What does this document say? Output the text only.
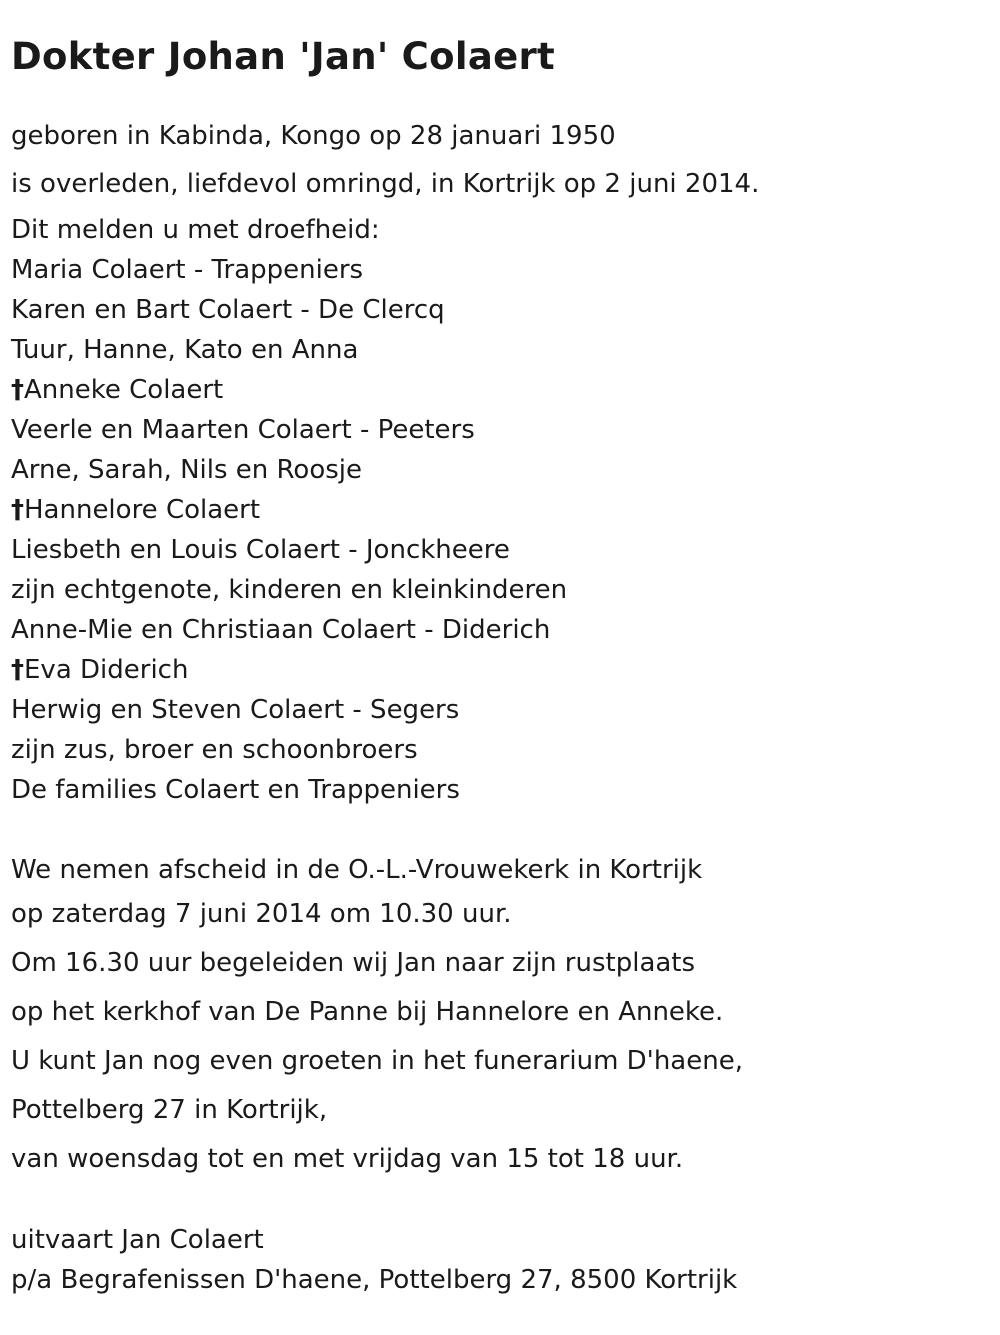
Dokter Johan 'Jan' Colaert

geboren in Kabinda, Kongo op 28 januari 1950

is overleden, liefdevol omringd, in Kortrijk op 2 juni 2014.

Dit melden u met droefheid:

Maria Colaert - Trappeniers

Karen en Bart Colaert - De Clercq

Tuur, Hanne, Kato en Anna

†Anneke Colaert

Veerle en Maarten Colaert - Peeters

Arne, Sarah, Nils en Roosje

†Hannelore Colaert

Liesbeth en Louis Colaert - Jonckheere

zijn echtgenote, kinderen en kleinkinderen

Anne-Mie en Christiaan Colaert - Diderich

†Eva Diderich

Herwig en Steven Colaert - Segers

zijn zus, broer en schoonbroers

De families Colaert en Trappeniers

We nemen afscheid in de O.-L.-Vrouwekerk in Kortrijk

op zaterdag 7 juni 2014 om 10.30 uur.

Om 16.30 uur begeleiden wij Jan naar zijn rustplaats

op het kerkhof van De Panne bij Hannelore en Anneke.

U kunt Jan nog even groeten in het funerarium D'haene,

Pottelberg 27 in Kortrijk,

van woensdag tot en met vrijdag van 15 tot 18 uur.

uitvaart Jan Colaert

p/a Begrafenissen D'haene, Pottelberg 27, 8500 Kortrijk
